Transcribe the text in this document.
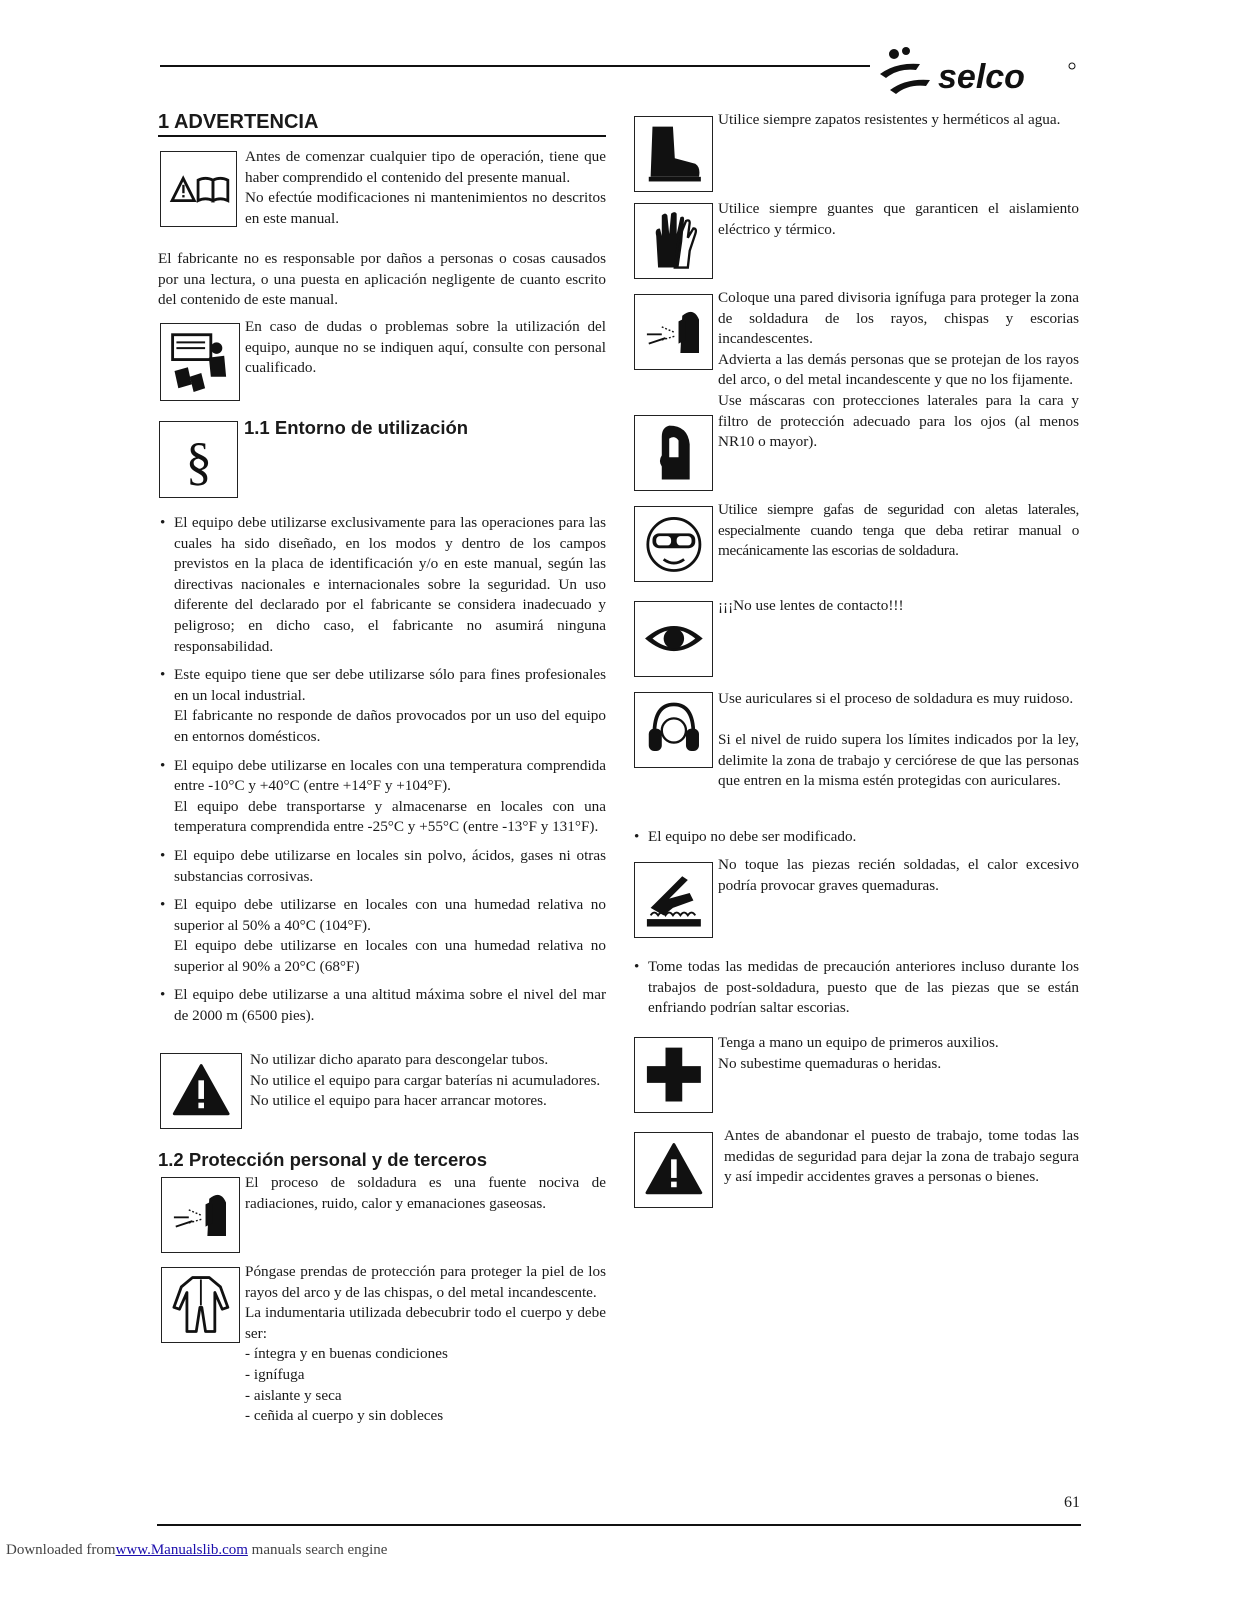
selco
1 ADVERTENCIA

Antes de comenzar cualquier tipo de operación, tiene que haber comprendido el contenido del presente manual.

No efectúe modificaciones ni mantenimientos no descritos en este manual.

El fabricante no es responsable por daños a personas o cosas causados por una lectura, o una puesta en aplicación negligente de cuanto escrito del contenido de este manual.

En caso de dudas o problemas sobre la utilización del equipo, aunque no se indiquen aquí, consulte con personal cualificado.

§
1.1 Entorno de utilización
• El equipo debe utilizarse exclusivamente para las operaciones para las cuales ha sido diseñado, en los modos y dentro de los campos previstos en la placa de identificación y/o en este manual, según las directivas nacionales e internacionales sobre la seguridad. Un uso diferente del declarado por el fabricante se considera inadecuado y peligroso; en dicho caso, el fabricante no asumirá ninguna responsabilidad.
• Este equipo tiene que ser debe utilizarse sólo para fines profesionales en un local industrial.
El fabricante no responde de daños provocados por un uso del equipo en entornos domésticos.
• El equipo debe utilizarse en locales con una temperatura comprendida entre -10°C y +40°C (entre +14°F y +104°F).
El equipo debe transportarse y almacenarse en locales con una temperatura comprendida entre -25°C y +55°C (entre -13°F y 131°F).
• El equipo debe utilizarse en locales sin polvo, ácidos, gases ni otras substancias corrosivas.
• El equipo debe utilizarse en locales con una humedad relativa no superior al 50% a 40°C (104°F).
El equipo debe utilizarse en locales con una humedad relativa no superior al 90% a 20°C (68°F)
• El equipo debe utilizarse a una altitud máxima sobre el nivel del mar de 2000 m (6500 pies).

No utilizar dicho aparato para descongelar tubos.

No utilice el equipo para cargar baterías ni acumuladores.

No utilice el equipo para hacer arrancar motores.

1.2 Protección personal y de terceros

El proceso de soldadura es una fuente nociva de radiaciones, ruido, calor y emanaciones gaseosas.

Póngase prendas de protección para proteger la piel de los rayos del arco y de las chispas, o del metal incandescente.

La indumentaria utilizada debecubrir todo el cuerpo y debe ser:

- íntegra y en buenas condiciones

- ignífuga

- aislante y seca

- ceñida al cuerpo y sin dobleces

Utilice siempre zapatos resistentes y herméticos al agua.

Utilice siempre guantes que garanticen el aislamiento eléctrico y térmico.

Coloque una pared divisoria ignífuga para proteger la zona de soldadura de los rayos, chispas y escorias incandescentes.

Advierta a las demás personas que se protejan de los rayos del arco, o del metal incandescente y que no los fijamente.

Use máscaras con protecciones laterales para la cara y filtro de protección adecuado para los ojos (al menos NR10 o mayor).

Utilice siempre gafas de seguridad con aletas laterales, especialmente cuando tenga que deba retirar manual o mecánicamente las escorias de soldadura.

¡¡¡No use lentes de contacto!!!

Use auriculares si el proceso de soldadura es muy ruidoso.

Si el nivel de ruido supera los límites indicados por la ley, delimite la zona de trabajo y cerciórese de que las personas que entren en la misma estén protegidas con auriculares.

• El equipo no debe ser modificado.

No toque las piezas recién soldadas, el calor excesivo podría provocar graves quemaduras.

• Tome todas las medidas de precaución anteriores incluso durante los trabajos de post-soldadura, puesto que de las piezas que se están enfriando podrían saltar escorias.

Tenga a mano un equipo de primeros auxilios.

No subestime quemaduras o heridas.

Antes de abandonar el puesto de trabajo, tome todas las medidas de seguridad para dejar la zona de trabajo segura y así impedir accidentes graves a personas o bienes.

61
Downloaded fromwww.Manualslib.com manuals search engine
